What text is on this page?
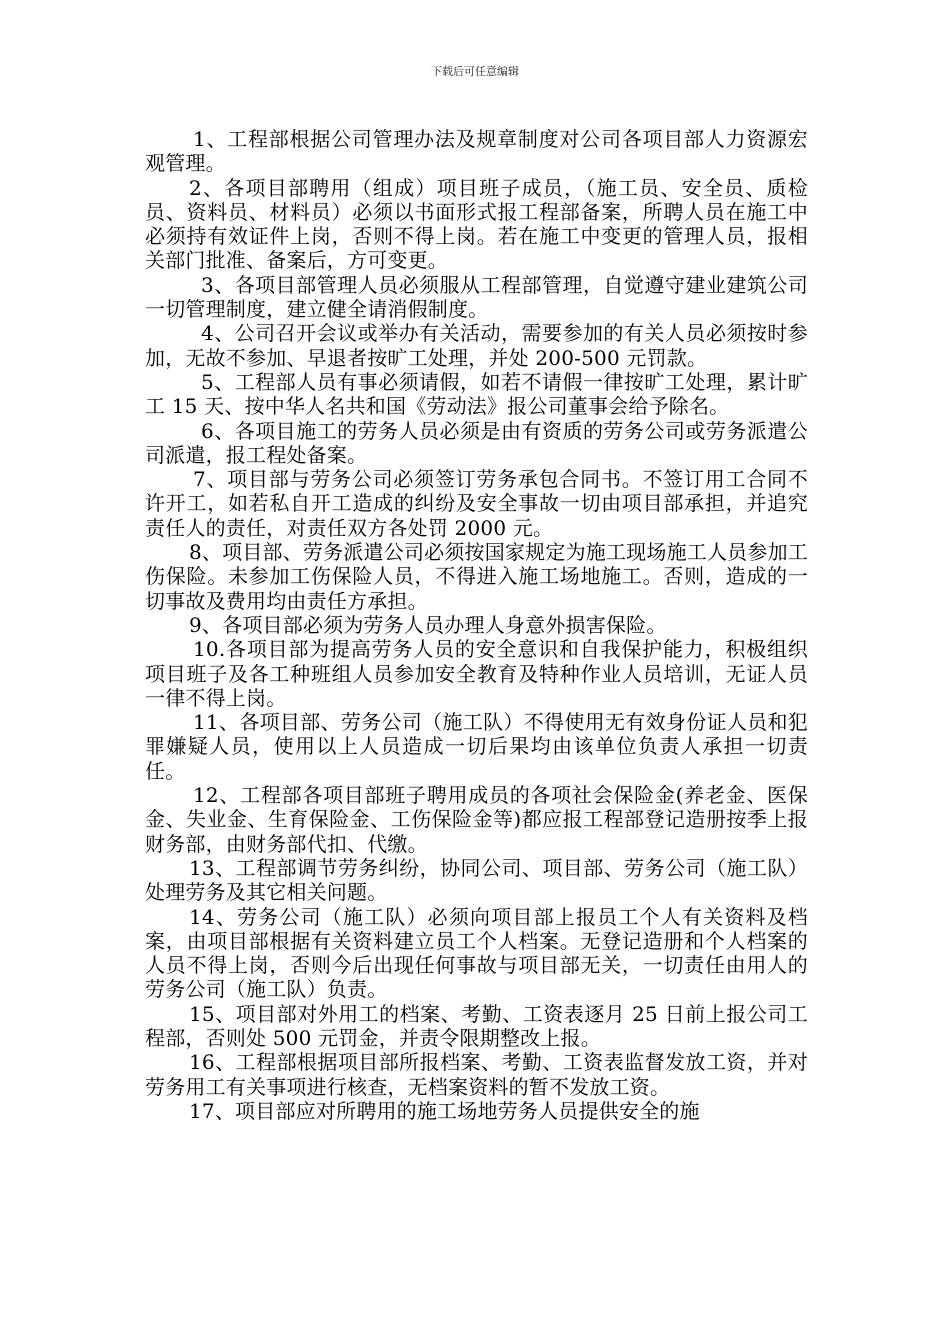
下载后可任意编辑

1、工程部根据公司管理办法及规章制度对公司各项目部人力资源宏观管理。

2、各项目部聘用（组成）项目班子成员，（施工员、安全员、质检员、资料员、材料员）必须以书面形式报工程部备案，所聘人员在施工中必须持有效证件上岗，否则不得上岗。若在施工中变更的管理人员，报相关部门批准、备案后，方可变更。

3、各项目部管理人员必须服从工程部管理，自觉遵守建业建筑公司一切管理制度，建立健全请消假制度。

4、公司召开会议或举办有关活动，需要参加的有关人员必须按时参加，无故不参加、早退者按旷工处理，并处 200-500 元罚款。

5、工程部人员有事必须请假，如若不请假一律按旷工处理，累计旷工 15 天、按中华人名共和国《劳动法》报公司董事会给予除名。

6、各项目施工的劳务人员必须是由有资质的劳务公司或劳务派遣公司派遣，报工程处备案。

7、项目部与劳务公司必须签订劳务承包合同书。不签订用工合同不许开工，如若私自开工造成的纠纷及安全事故一切由项目部承担，并追究责任人的责任，对责任双方各处罚 2000 元。

8、项目部、劳务派遣公司必须按国家规定为施工现场施工人员参加工伤保险。未参加工伤保险人员，不得进入施工场地施工。否则，造成的一切事故及费用均由责任方承担。

9、各项目部必须为劳务人员办理人身意外损害保险。

10.各项目部为提高劳务人员的安全意识和自我保护能力，积极组织项目班子及各工种班组人员参加安全教育及特种作业人员培训，无证人员一律不得上岗。

11、各项目部、劳务公司（施工队）不得使用无有效身份证人员和犯罪嫌疑人员，使用以上人员造成一切后果均由该单位负责人承担一切责任。

12、工程部各项目部班子聘用成员的各项社会保险金(养老金、医保金、失业金、生育保险金、工伤保险金等)都应报工程部登记造册按季上报财务部，由财务部代扣、代缴。

13、工程部调节劳务纠纷，协同公司、项目部、劳务公司（施工队）处理劳务及其它相关问题。

14、劳务公司（施工队）必须向项目部上报员工个人有关资料及档案，由项目部根据有关资料建立员工个人档案。无登记造册和个人档案的人员不得上岗，否则今后出现任何事故与项目部无关，一切责任由用人的劳务公司（施工队）负责。

15、项目部对外用工的档案、考勤、工资表逐月 25 日前上报公司工程部，否则处 500 元罚金，并责令限期整改上报。

16、工程部根据项目部所报档案、考勤、工资表监督发放工资，并对劳务用工有关事项进行核查，无档案资料的暂不发放工资。

17、项目部应对所聘用的施工场地劳务人员提供安全的施
